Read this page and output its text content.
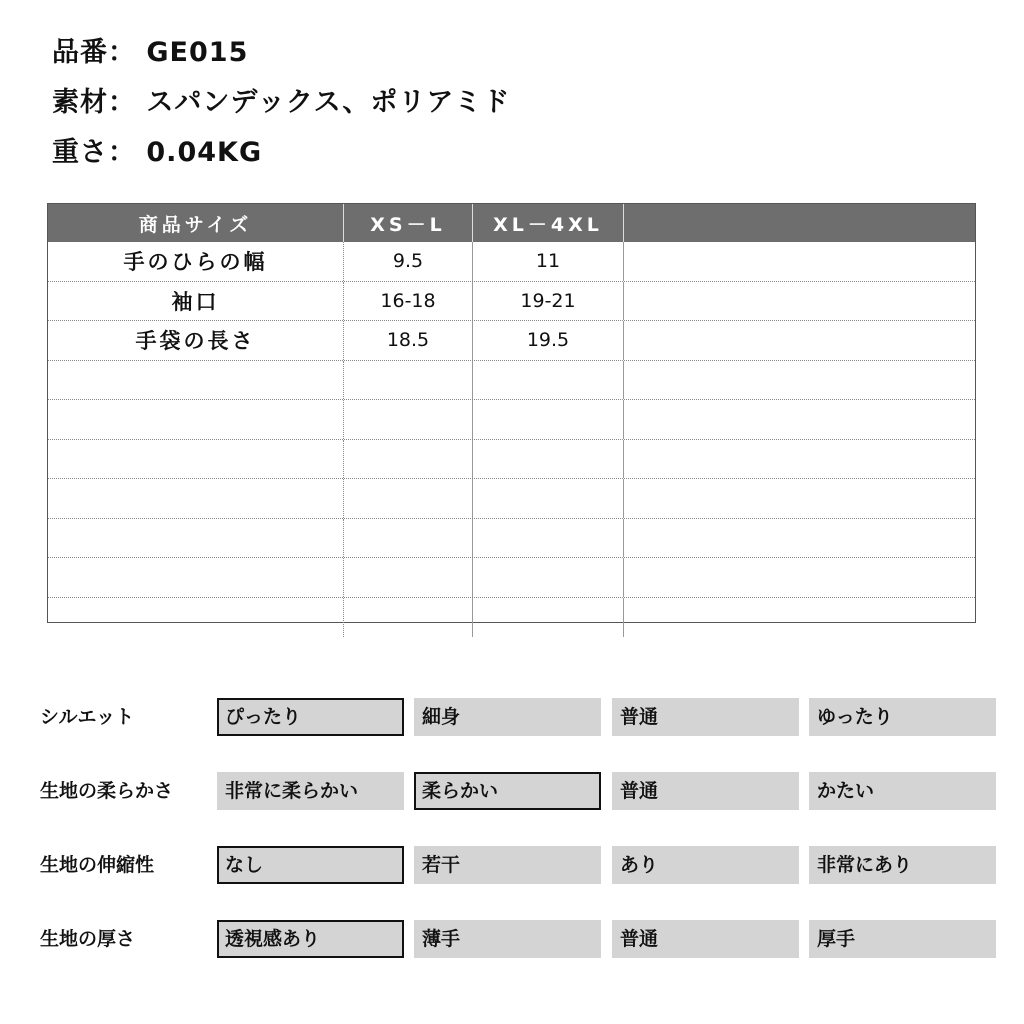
品番： GE015
素材： スパンデックス、ポリアミド
重さ： 0.04KG
商品サイズ	XS－L	XL－4XL
手のひらの幅	9.5	11
袖口	16-18	19-21
手袋の長さ	18.5	19.5
シルエット	ぴったり	細身	普通	ゆったり
生地の柔らかさ	非常に柔らかい	柔らかい	普通	かたい
生地の伸縮性	なし	若干	あり	非常にあり
生地の厚さ	透視感あり	薄手	普通	厚手
